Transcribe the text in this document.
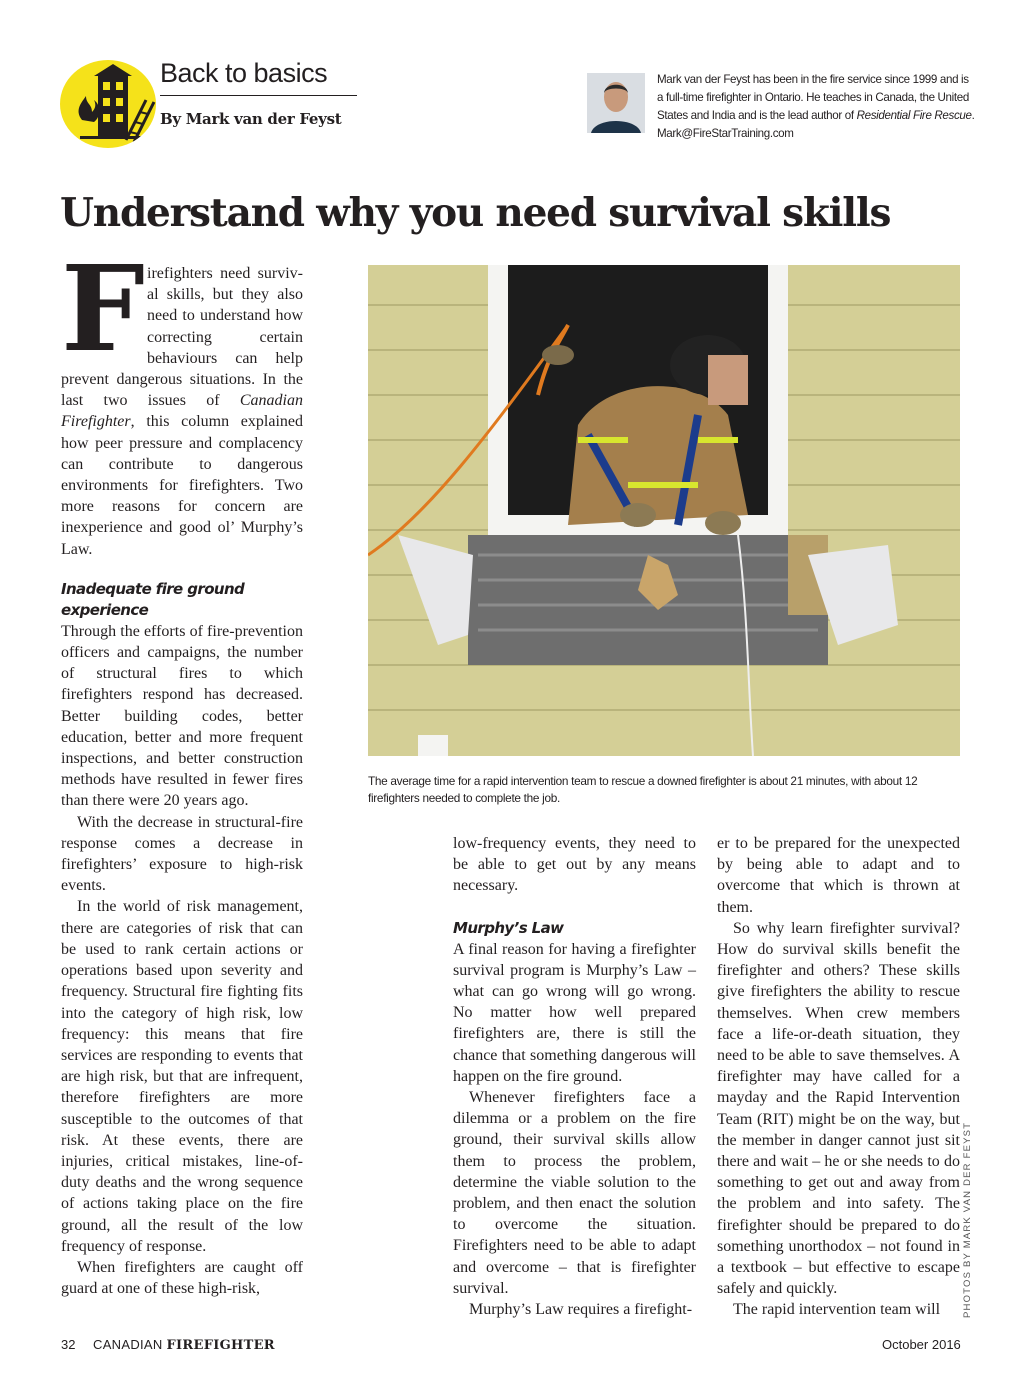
Back to basics
By Mark van der Feyst
Mark van der Feyst has been in the fire service since 1999 and is a full-time firefighter in Ontario. He teaches in Canada, the United States and India and is the lead author of Residential Fire Rescue. Mark@FireStarTraining.com
Understand why you need survival skills

Firefighters need surviv-al skills, but they also need to understand how correcting certain behaviours can help prevent dangerous situations. In the last two issues of Canadian Firefighter, this column explained how peer pressure and complacency can contribute to dangerous environments for firefighters. Two more reasons for concern are inexperience and good ol’ Murphy’s Law.

Inadequate fire ground experience

Through the efforts of fire-prevention officers and campaigns, the number of structural fires to which firefighters respond has decreased. Better building codes, better education, better and more frequent inspections, and better construction methods have resulted in fewer fires than there were 20 years ago.

With the decrease in structural-fire response comes a decrease in firefighters’ exposure to high-risk events.

In the world of risk management, there are categories of risk that can be used to rank certain actions or operations based upon severity and frequency. Structural fire fighting fits into the category of high risk, low frequency: this means that fire services are responding to events that are high risk, but that are infrequent, therefore firefighters are more susceptible to the outcomes of that risk. At these events, there are injuries, critical mistakes, line-of-duty deaths and the wrong sequence of actions taking place on the fire ground, all the result of the low frequency of response.

When firefighters are caught off guard at one of these high-risk,

The average time for a rapid intervention team to rescue a downed firefighter is about 21 minutes, with about 12 firefighters needed to complete the job.

low-frequency events, they need to be able to get out by any means necessary.

Murphy’s Law

A final reason for having a firefighter survival program is Murphy’s Law – what can go wrong will go wrong. No matter how well prepared firefighters are, there is still the chance that something dangerous will happen on the fire ground.

Whenever firefighters face a dilemma or a problem on the fire ground, their survival skills allow them to process the problem, determine the viable solution to the problem, and then enact the solution to overcome the situation. Firefighters need to be able to adapt and overcome – that is firefighter survival.

Murphy’s Law requires a firefight-

er to be prepared for the unexpected by being able to adapt and to overcome that which is thrown at them.

So why learn firefighter survival? How do survival skills benefit the firefighter and others? These skills give firefighters the ability to rescue themselves. When crew members face a life-or-death situation, they need to be able to save themselves. A firefighter may have called for a mayday and the Rapid Intervention Team (RIT) might be on the way, but the member in danger cannot just sit there and wait – he or she needs to do something to get out and away from the problem and into safety. The firefighter should be prepared to do something unorthodox – not found in a textbook – but effective to escape safely and quickly.

The rapid intervention team will	PHOTOS BY MARK VAN DER FEYST
32 CANADIAN FIREFIGHTER	October 2016
